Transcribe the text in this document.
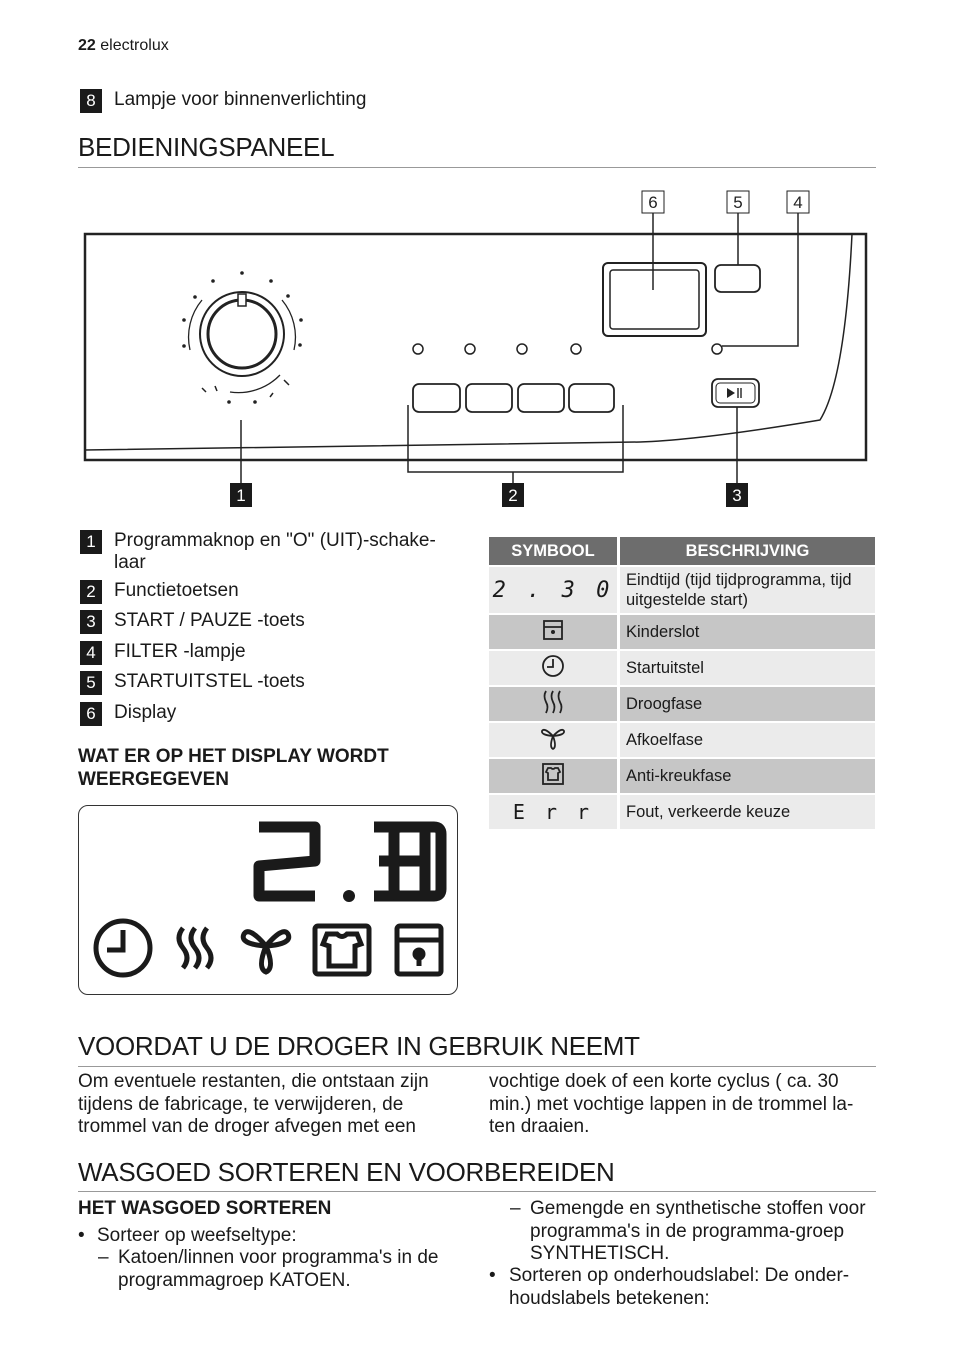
22 electrolux
8 Lampje voor binnenverlichting
BEDIENINGSPANEEL
6	5	4
1	2	3
1 Programmaknop en "O" (UIT)-schake-laar
2 Functietoetsen
3 START / PAUZE -toets
4 FILTER -lampje
5 STARTUITSTEL -toets
6 Display
WAT ER OP HET DISPLAY WORDT WEERGEGEVEN
SYMBOOL	BESCHRIJVING
2 . 3 0	Eindtijd (tijd tijdprogramma, tijd uitgestelde start)
	Kinderslot
	Startuitstel
	Droogfase
	Afkoelfase
	Anti-kreukfase
E r r	Fout, verkeerde keuze
VOORDAT U DE DROGER IN GEBRUIK NEEMT
Om eventuele restanten, die ontstaan zijn tijdens de fabricage, te verwijderen, de trommel van de droger afvegen met een
vochtige doek of een korte cyclus ( ca. 30 min.) met vochtige lappen in de trommel la-ten draaien.
WASGOED SORTEREN EN VOORBEREIDEN
HET WASGOED SORTEREN
• Sorteer op weefseltype:
– Katoen/linnen voor programma's in de programmagroep KATOEN.
– Gemengde en synthetische stoffen voor programma's in de programma-groep SYNTHETISCH.
• Sorteren op onderhoudslabel: De onder-houdslabels betekenen:
